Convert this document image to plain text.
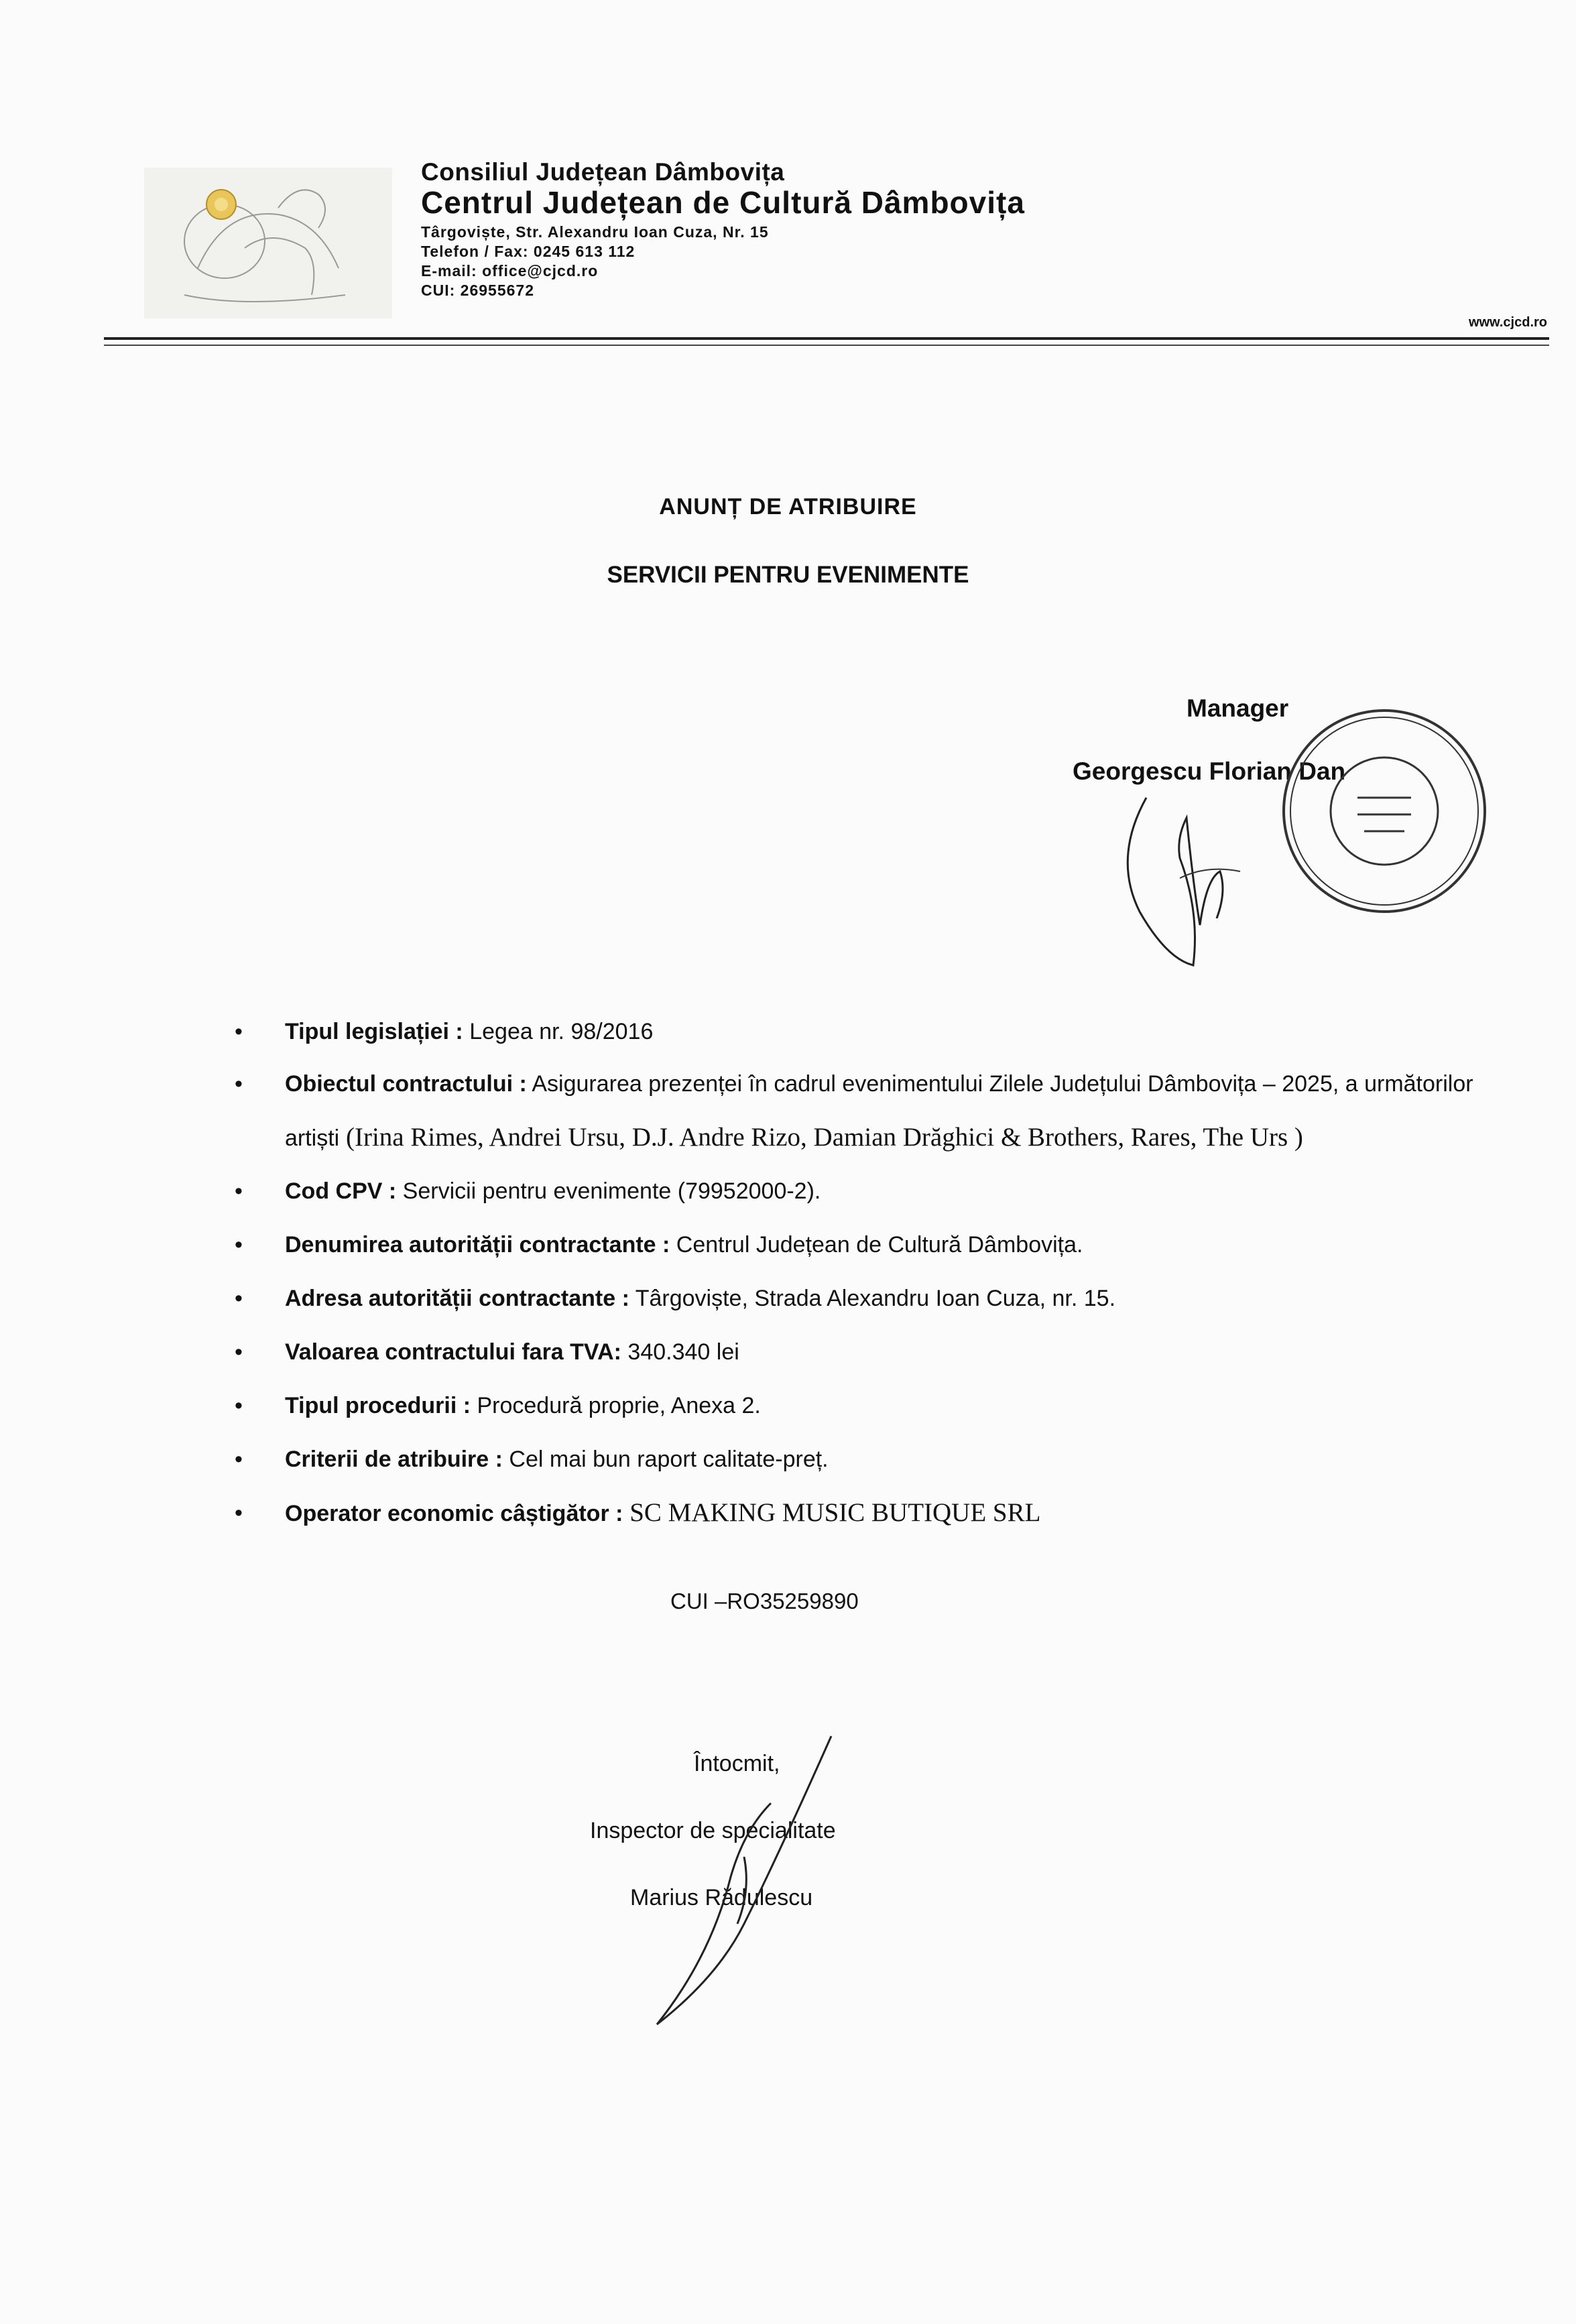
Consiliul Județean Dâmbovița
Centrul Județean de Cultură Dâmbovița
Târgoviște, Str. Alexandru Ioan Cuza, Nr. 15
Telefon / Fax: 0245 613 112
E-mail: office@cjcd.ro
CUI: 26955672
www.cjcd.ro
ANUNȚ DE ATRIBUIRE
SERVICII PENTRU EVENIMENTE
Manager
Georgescu Florian Dan
• Tipul legislației : Legea nr. 98/2016
• Obiectul contractului : Asigurarea prezenței în cadrul evenimentului Zilele Județului Dâmbovița – 2025, a următorilor artiști (Irina Rimes, Andrei Ursu, D.J. Andre Rizo, Damian Drăghici & Brothers, Rares, The Urs )
• Cod CPV : Servicii pentru evenimente (79952000-2).
• Denumirea autorității contractante : Centrul Județean de Cultură Dâmbovița.
• Adresa autorității contractante : Târgoviște, Strada Alexandru Ioan Cuza, nr. 15.
• Valoarea contractului fara TVA: 340.340 lei
• Tipul procedurii : Procedură proprie, Anexa 2.
• Criterii de atribuire : Cel mai bun raport calitate-preț.
• Operator economic câștigător : SC MAKING MUSIC BUTIQUE SRL
CUI –RO35259890
Întocmit,
Inspector de specialitate
Marius Rădulescu
